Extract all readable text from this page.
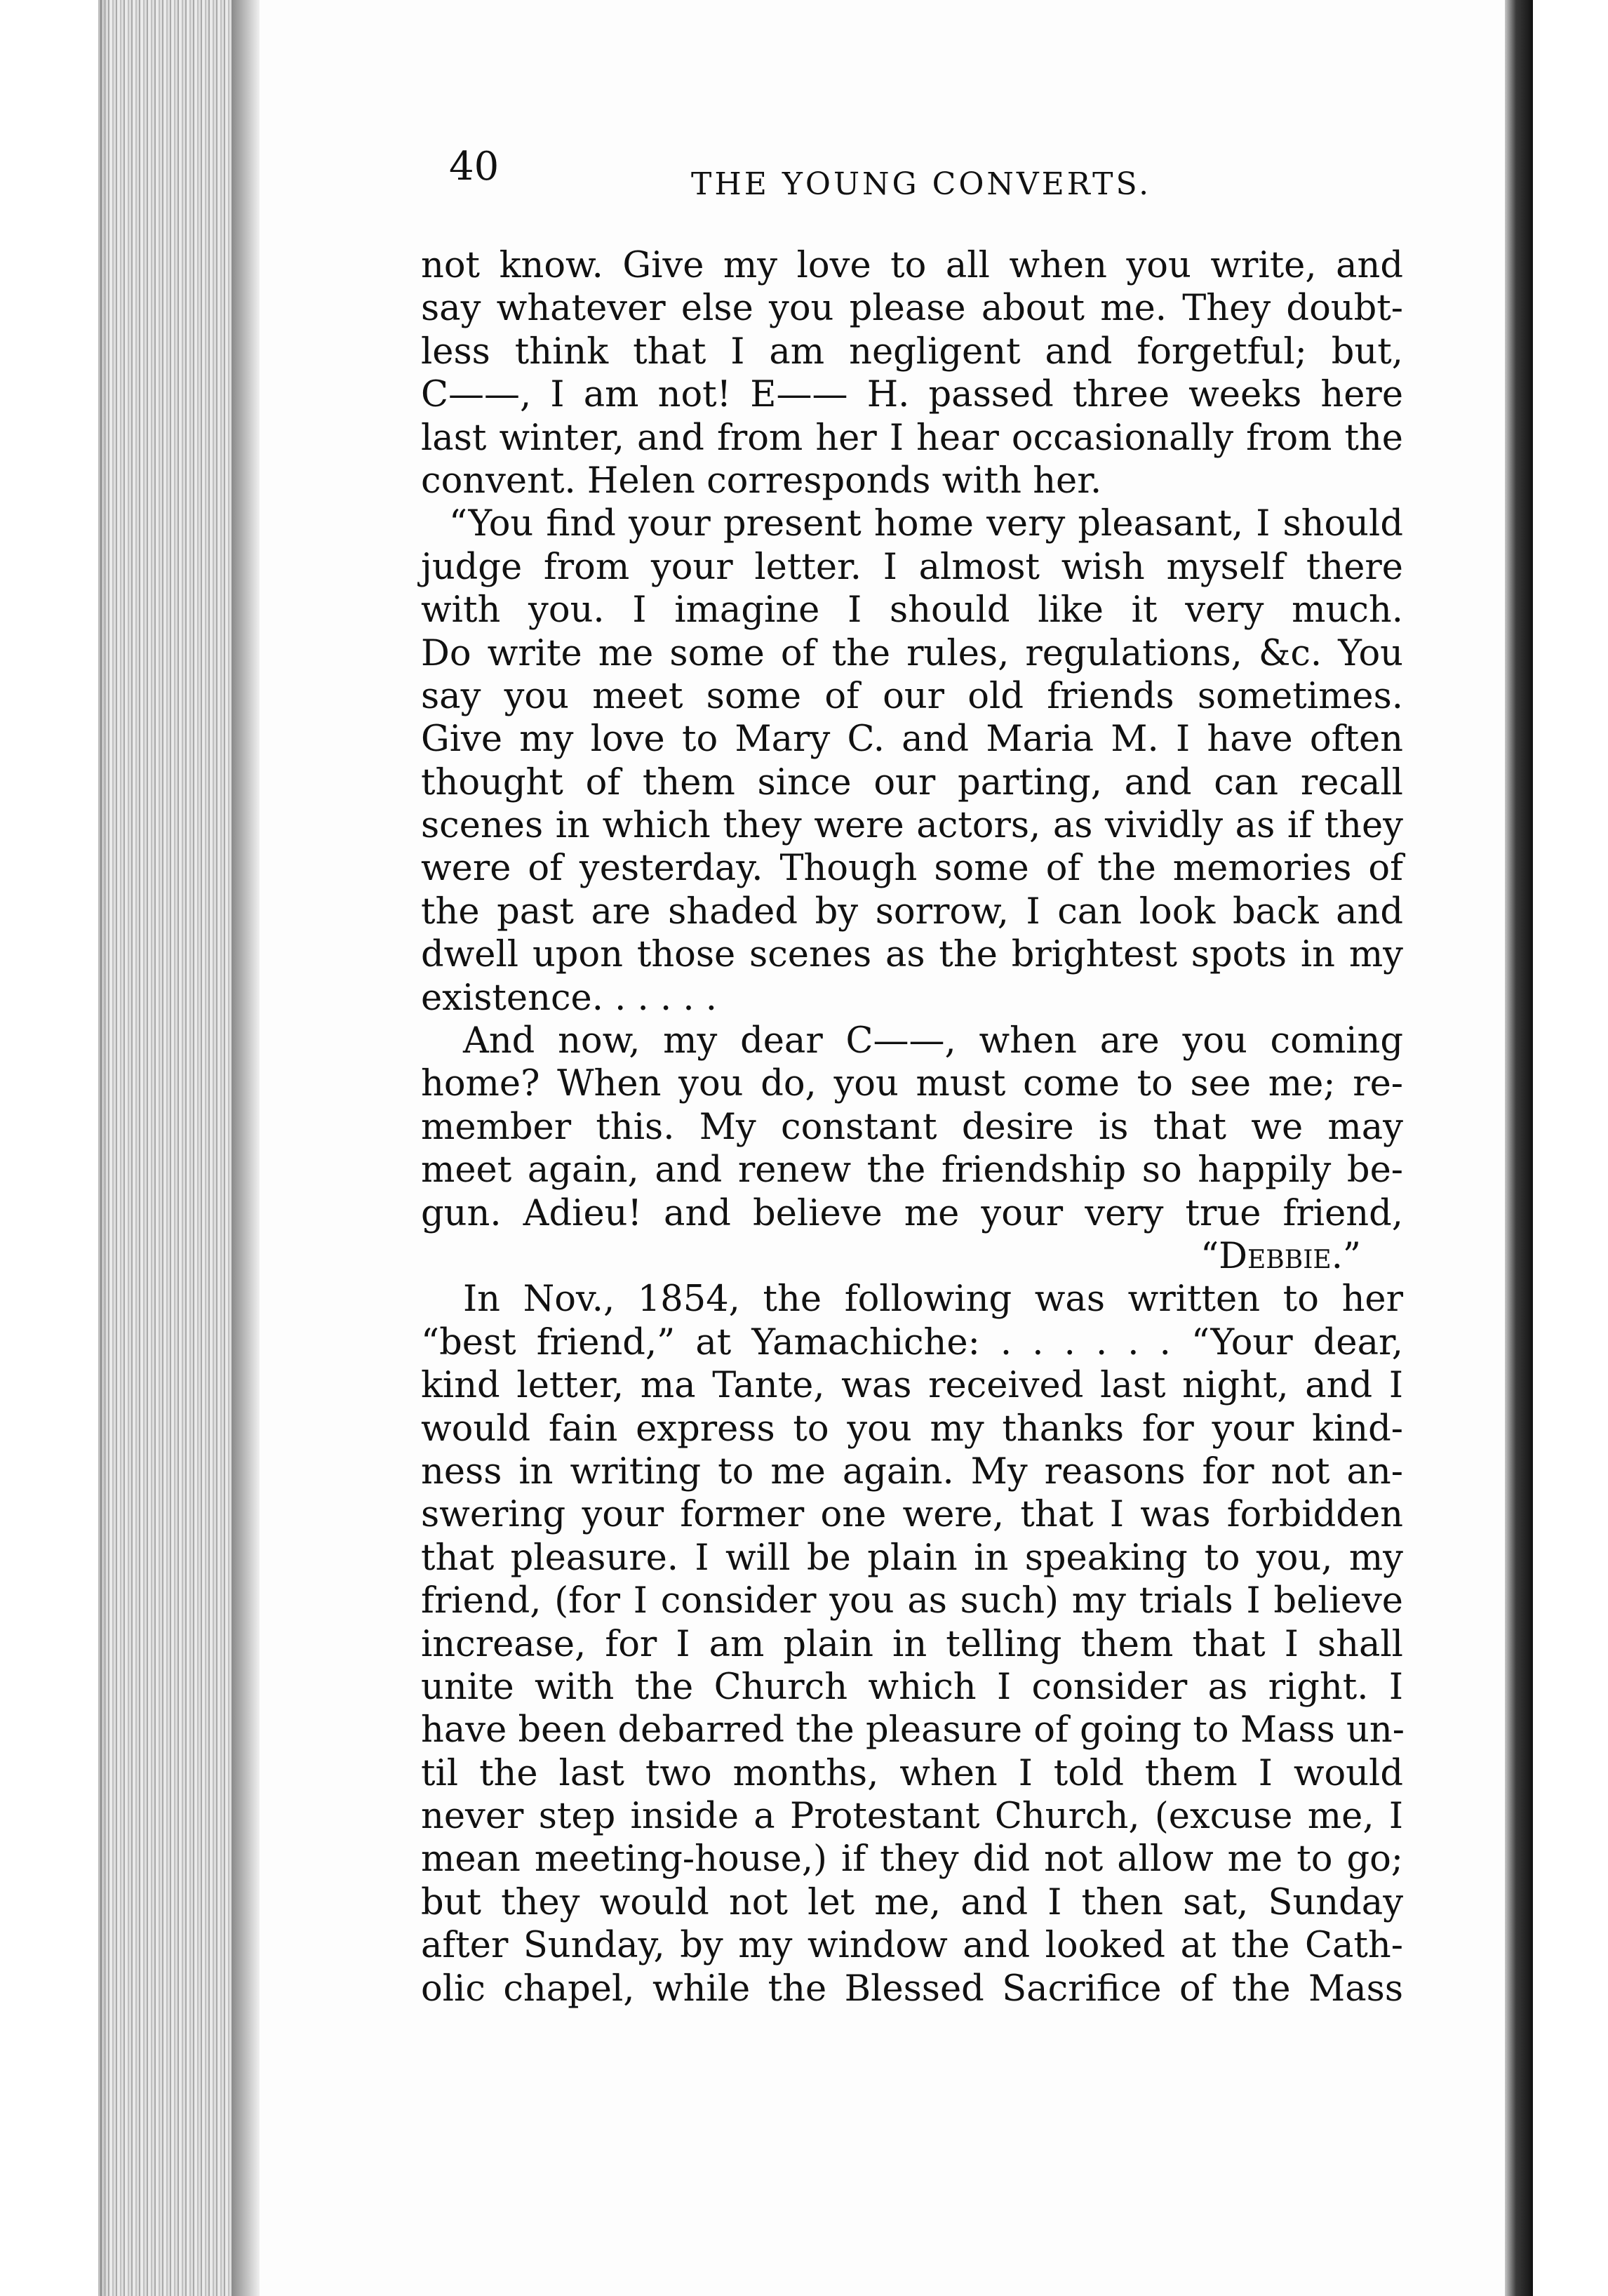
40	THE YOUNG CONVERTS.
not know. Give my love to all when you write, and
say whatever else you please about me. They doubt-
less think that I am negligent and forgetful; but,
C——, I am not! E—— H. passed three weeks here
last winter, and from her I hear occasionally from the
convent. Helen corresponds with her.
“You find your present home very pleasant, I should
judge from your letter. I almost wish myself there
with you. I imagine I should like it very much.
Do write me some of the rules, regulations, &c. You
say you meet some of our old friends sometimes.
Give my love to Mary C. and Maria M. I have often
thought of them since our parting, and can recall
scenes in which they were actors, as vividly as if they
were of yesterday. Though some of the memories of
the past are shaded by sorrow, I can look back and
dwell upon those scenes as the brightest spots in my
existence. . . . . .
And now, my dear C——, when are you coming
home? When you do, you must come to see me; re-
member this. My constant desire is that we may
meet again, and renew the friendship so happily be-
gun. Adieu! and believe me your very true friend,
“Debbie.”
In Nov., 1854, the following was written to her
“best friend,” at Yamachiche: . . . . . . “Your dear,
kind letter, ma Tante, was received last night, and I
would fain express to you my thanks for your kind-
ness in writing to me again. My reasons for not an-
swering your former one were, that I was forbidden
that pleasure. I will be plain in speaking to you, my
friend, (for I consider you as such) my trials I believe
increase, for I am plain in telling them that I shall
unite with the Church which I consider as right. I
have been debarred the pleasure of going to Mass un-
til the last two months, when I told them I would
never step inside a Protestant Church, (excuse me, I
mean meeting-house,) if they did not allow me to go;
but they would not let me, and I then sat, Sunday
after Sunday, by my window and looked at the Cath-
olic chapel, while the Blessed Sacrifice of the Mass
